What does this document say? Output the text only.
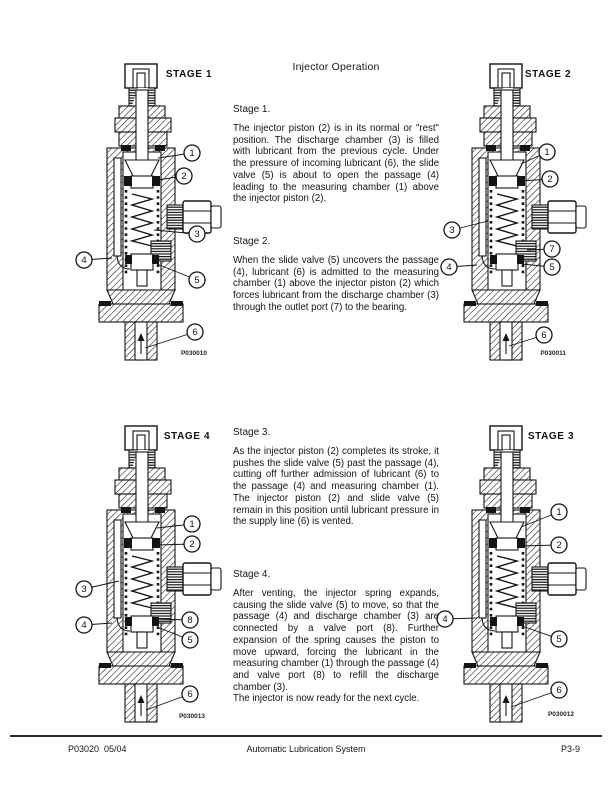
1
2
3
4
5
6
STAGE 1
P030010
1
2
3
7
4	5
6
STAGE 2
P030011
1
2
3
4	8
5
6
STAGE 4
P030013
1
2
4
5
6
STAGE 3
P030012
Injector Operation
Stage 1.
The injector piston (2) is in its normal or "rest" position. The discharge chamber (3) is filled with lubricant from the previous cycle. Under the pressure of incoming lubricant (6), the slide valve (5) is about to open the passage (4) leading to the measuring chamber (1) above the injector piston (2).
Stage 2.
When the slide valve (5) uncovers the passage (4), lubricant (6) is admitted to the measuring chamber (1) above the injector piston (2) which forces lubricant from the discharge chamber (3) through the outlet port (7) to the bearing.
Stage 3.
As the injector piston (2) completes its stroke, it pushes the slide valve (5) past the passage (4), cutting off further admission of lubricant (6) to the passage (4) and measuring chamber (1). The injector piston (2) and slide valve (5) remain in this position until lubricant pressure in the supply line (6) is vented.
Stage 4.
After venting, the injector spring expands, causing the slide valve (5) to move, so that the passage (4) and discharge chamber (3) are connected by a valve port (8). Further expansion of the spring causes the piston to move upward, forcing the lubricant in the measuring chamber (1) through the passage (4) and valve port (8) to refill the discharge chamber (3).
The injector is now ready for the next cycle.
P03020  05/04	Automatic Lubrication System	P3-9
